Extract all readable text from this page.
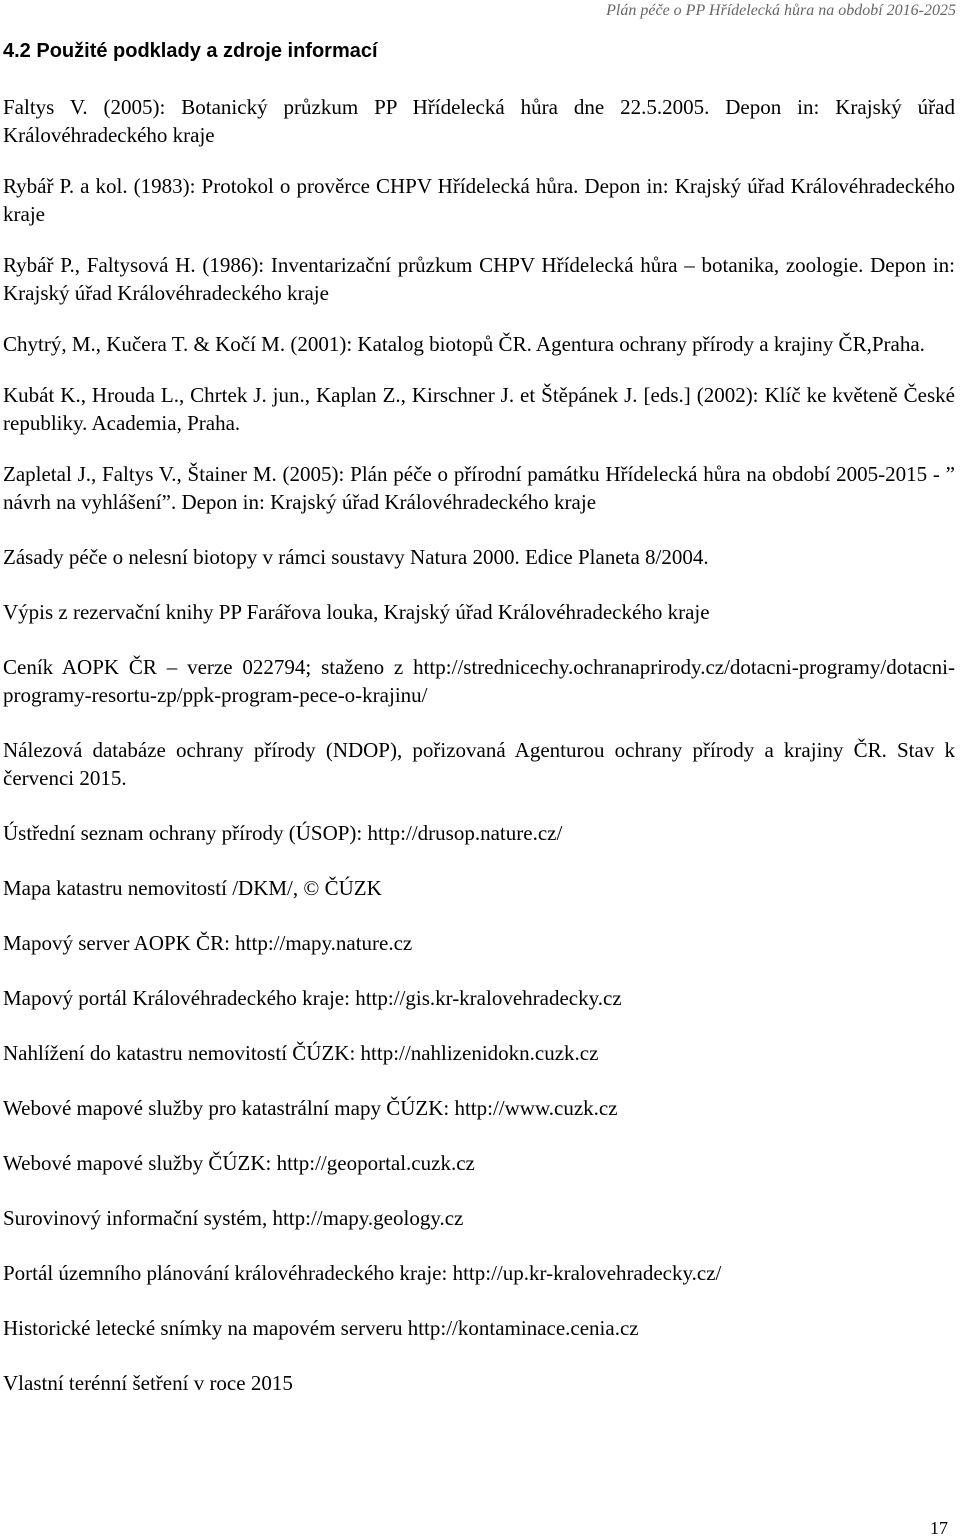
Plán péče o PP Hřídelecká hůra na období 2016-2025
4.2 Použité podklady a zdroje informací

Faltys V. (2005): Botanický průzkum PP Hřídelecká hůra dne 22.5.2005. Depon in: Krajský úřad Královéhradeckého kraje

Rybář P. a kol. (1983): Protokol o prověrce CHPV Hřídelecká hůra. Depon in: Krajský úřad Královéhradeckého kraje

Rybář P., Faltysová H. (1986): Inventarizační průzkum CHPV Hřídelecká hůra – botanika, zoologie. Depon in: Krajský úřad Královéhradeckého kraje

Chytrý, M., Kučera T. & Kočí M. (2001): Katalog biotopů ČR. Agentura ochrany přírody a krajiny ČR,Praha.

Kubát K., Hrouda L., Chrtek J. jun., Kaplan Z., Kirschner J. et Štěpánek J. [eds.] (2002): Klíč ke květeně České republiky. Academia, Praha.

Zapletal J., Faltys V., Štainer M. (2005): Plán péče o přírodní památku Hřídelecká hůra na období 2005-2015 - ” návrh na vyhlášení”. Depon in: Krajský úřad Královéhradeckého kraje

Zásady péče o nelesní biotopy v rámci soustavy Natura 2000. Edice Planeta 8/2004.

Výpis z rezervační knihy PP Farářova louka, Krajský úřad Královéhradeckého kraje

Ceník AOPK ČR – verze 022794; staženo z http://strednicechy.ochranaprirody.cz/dotacni-programy/dotacni-programy-resortu-zp/ppk-program-pece-o-krajinu/

Nálezová databáze ochrany přírody (NDOP), pořizovaná Agenturou ochrany přírody a krajiny ČR. Stav k červenci 2015.

Ústřední seznam ochrany přírody (ÚSOP): http://drusop.nature.cz/

Mapa katastru nemovitostí /DKM/, © ČÚZK

Mapový server AOPK ČR: http://mapy.nature.cz

Mapový portál Královéhradeckého kraje: http://gis.kr-kralovehradecky.cz

Nahlížení do katastru nemovitostí ČÚZK: http://nahlizenidokn.cuzk.cz

Webové mapové služby pro katastrální mapy ČÚZK: http://www.cuzk.cz

Webové mapové služby ČÚZK: http://geoportal.cuzk.cz

Surovinový informační systém, http://mapy.geology.cz

Portál územního plánování královéhradeckého kraje: http://up.kr-kralovehradecky.cz/

Historické letecké snímky na mapovém serveru http://kontaminace.cenia.cz

Vlastní terénní šetření v roce 2015

17
